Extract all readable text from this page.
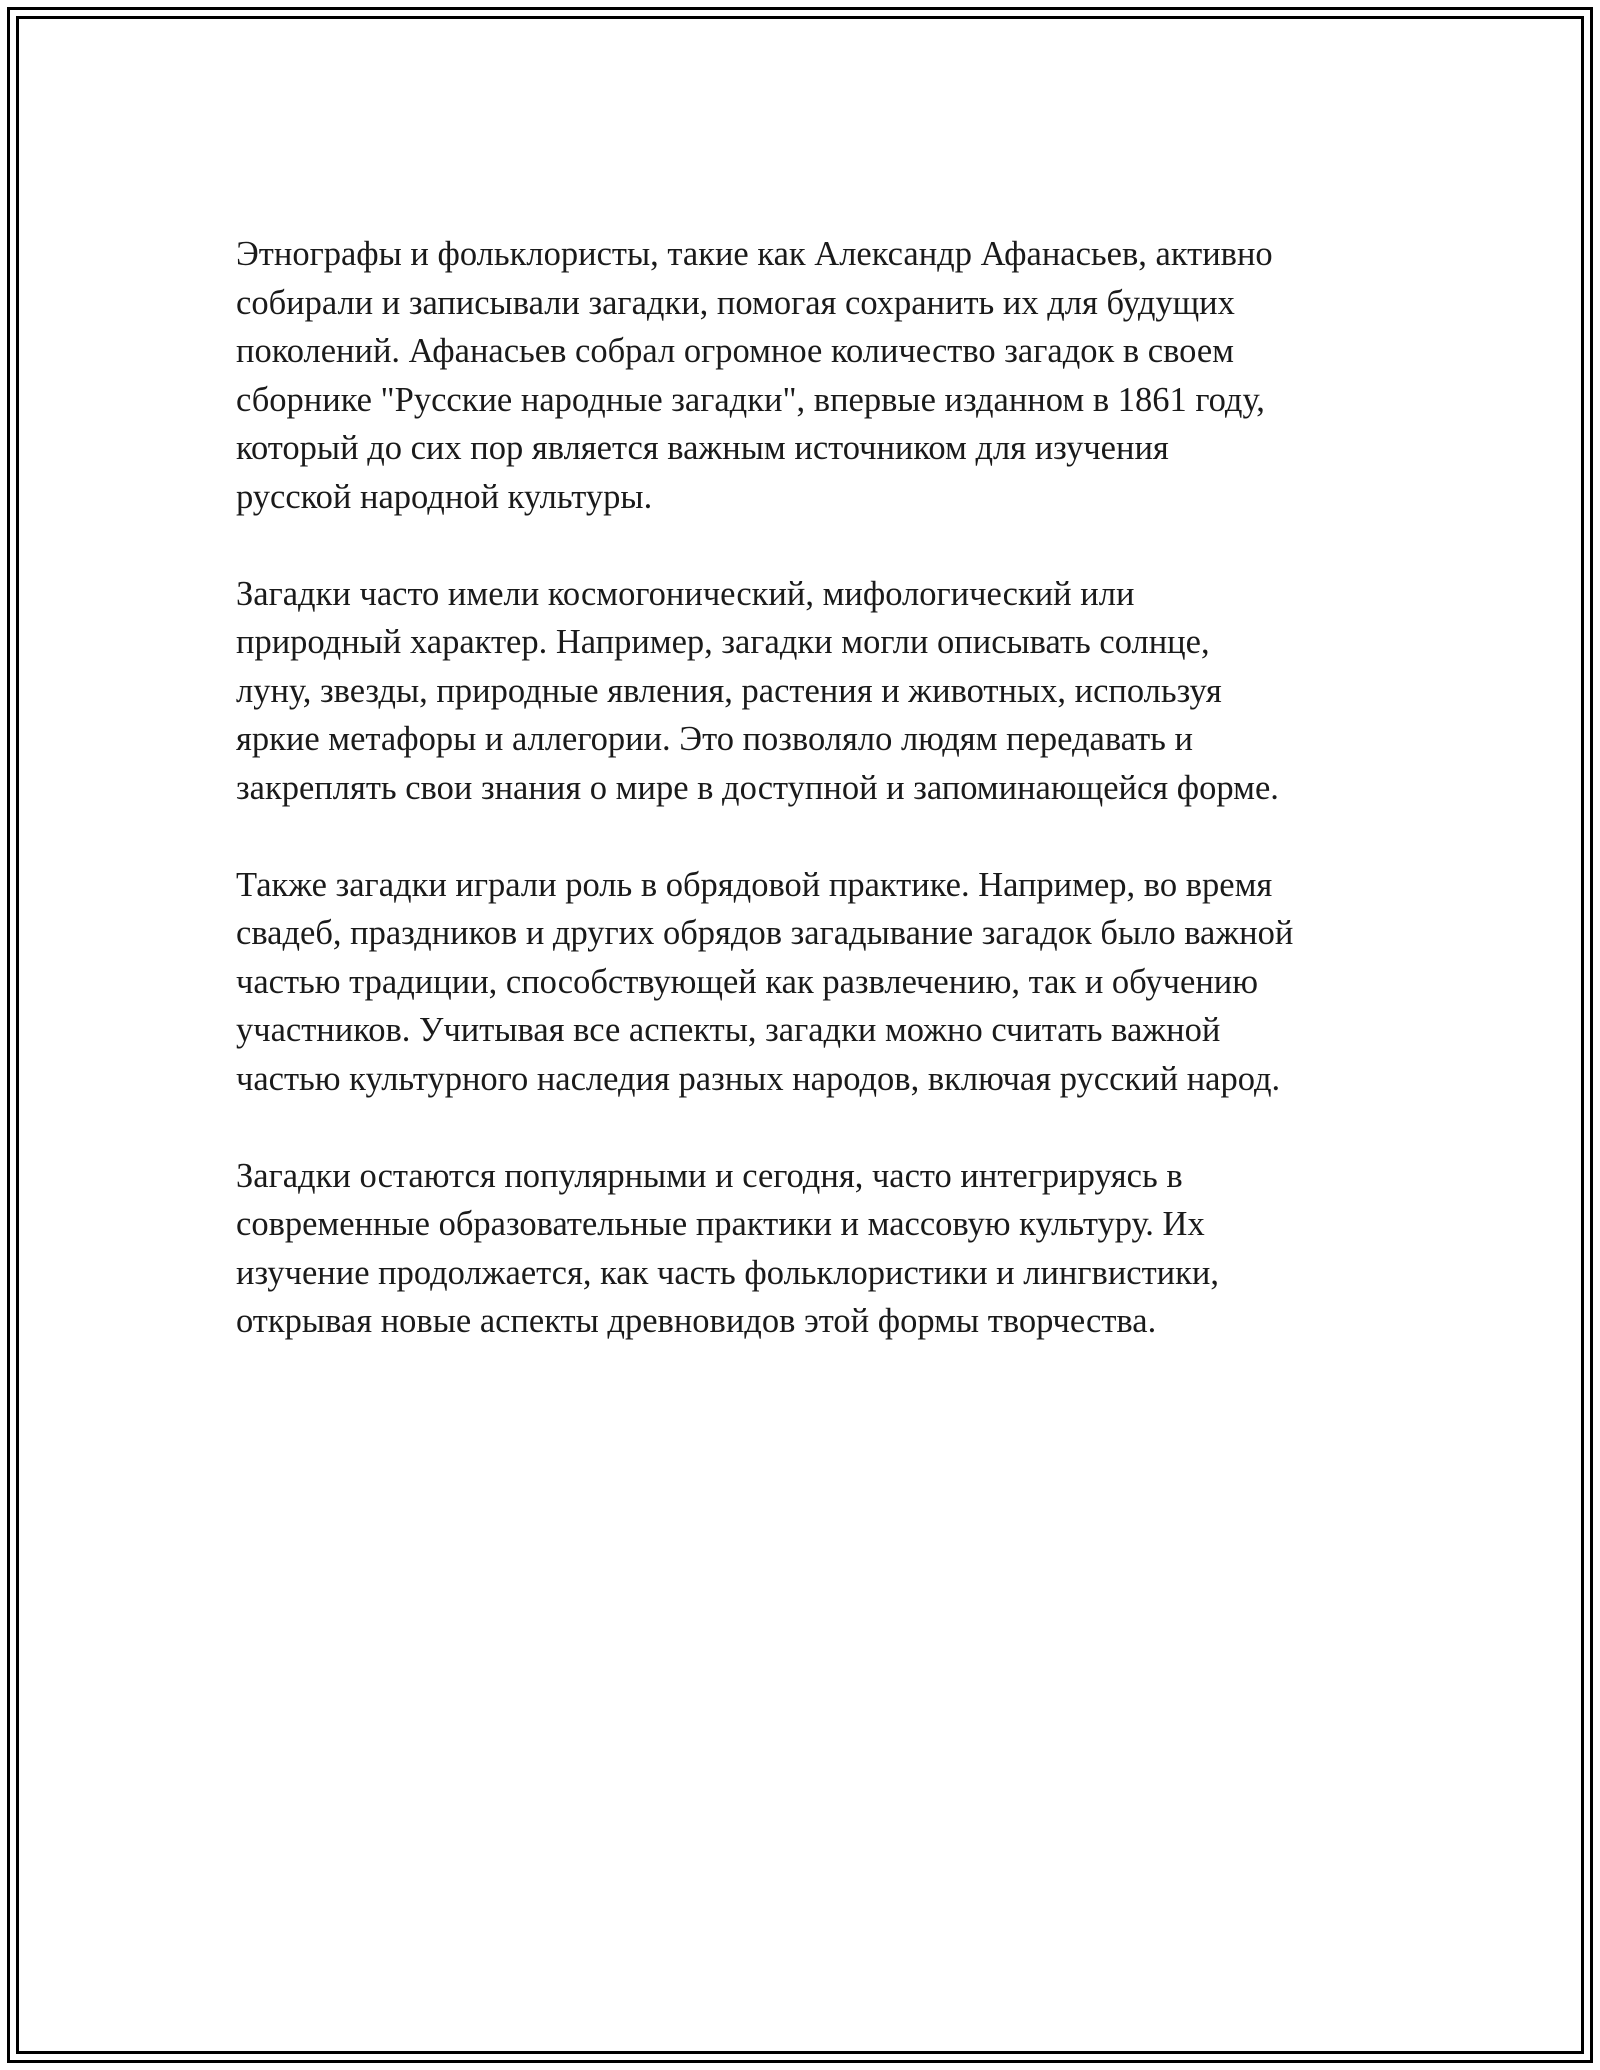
Этнографы и фольклористы, такие как Александр Афанасьев, активно
собирали и записывали загадки, помогая сохранить их для будущих
поколений. Афанасьев собрал огромное количество загадок в своем
сборнике "Русские народные загадки", впервые изданном в 1861 году,
который до сих пор является важным источником для изучения
русской народной культуры.

Загадки часто имели космогонический, мифологический или
природный характер. Например, загадки могли описывать солнце,
луну, звезды, природные явления, растения и животных, используя
яркие метафоры и аллегории. Это позволяло людям передавать и
закреплять свои знания о мире в доступной и запоминающейся форме.

Также загадки играли роль в обрядовой практике. Например, во время
свадеб, праздников и других обрядов загадывание загадок было важной
частью традиции, способствующей как развлечению, так и обучению
участников. Учитывая все аспекты, загадки можно считать важной
частью культурного наследия разных народов, включая русский народ.

Загадки остаются популярными и сегодня, часто интегрируясь в
современные образовательные практики и массовую культуру. Их
изучение продолжается, как часть фольклористики и лингвистики,
открывая новые аспекты древновидов этой формы творчества.
